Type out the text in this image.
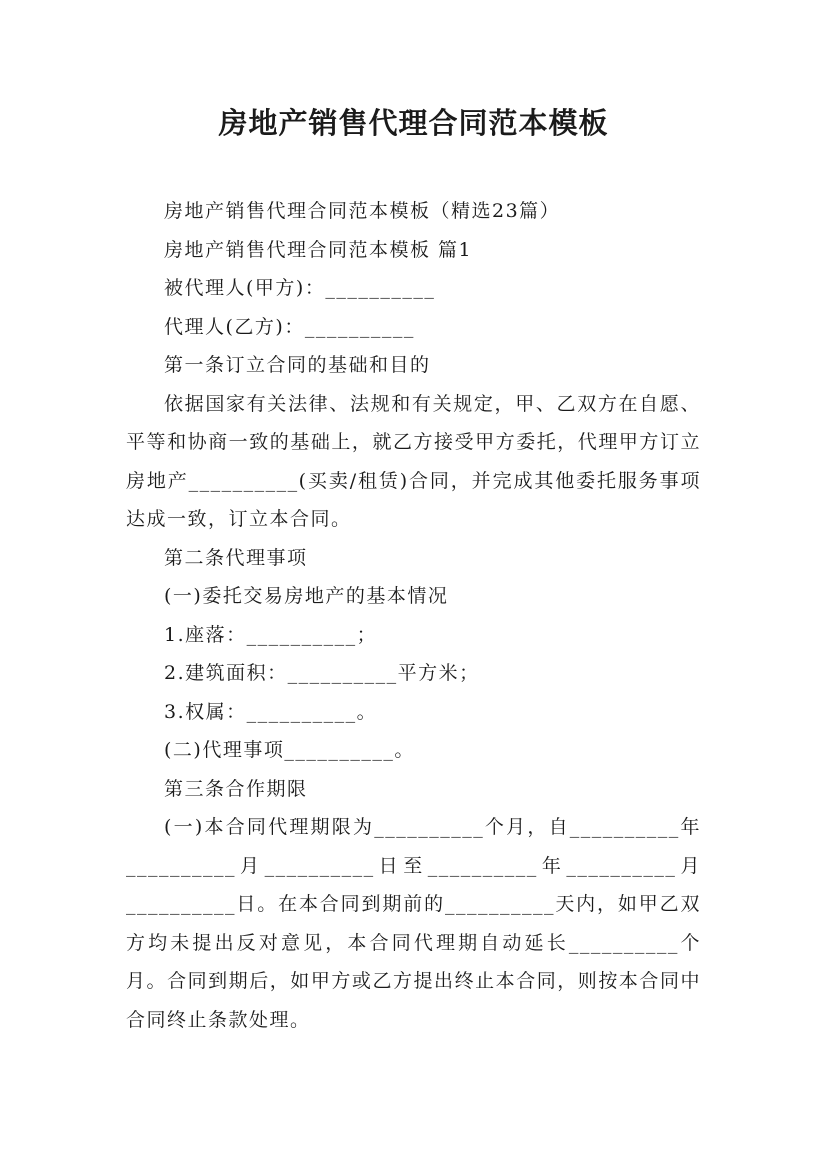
房地产销售代理合同范本模板

房地产销售代理合同范本模板（精选23篇）

房地产销售代理合同范本模板 篇1

被代理人(甲方)：__________

代理人(乙方)：__________

第一条订立合同的基础和目的

依据国家有关法律、法规和有关规定，甲、乙双方在自愿、平等和协商一致的基础上，就乙方接受甲方委托，代理甲方订立房地产__________(买卖/租赁)合同，并完成其他委托服务事项达成一致，订立本合同。

第二条代理事项

(一)委托交易房地产的基本情况

1.座落：__________；

2.建筑面积：__________平方米；

3.权属：__________。

(二)代理事项__________。

第三条合作期限

(一)本合同代理期限为__________个月，自__________年__________月__________日至__________年__________月__________日。在本合同到期前的__________天内，如甲乙双方均未提出反对意见，本合同代理期自动延长__________个月。合同到期后，如甲方或乙方提出终止本合同，则按本合同中合同终止条款处理。
